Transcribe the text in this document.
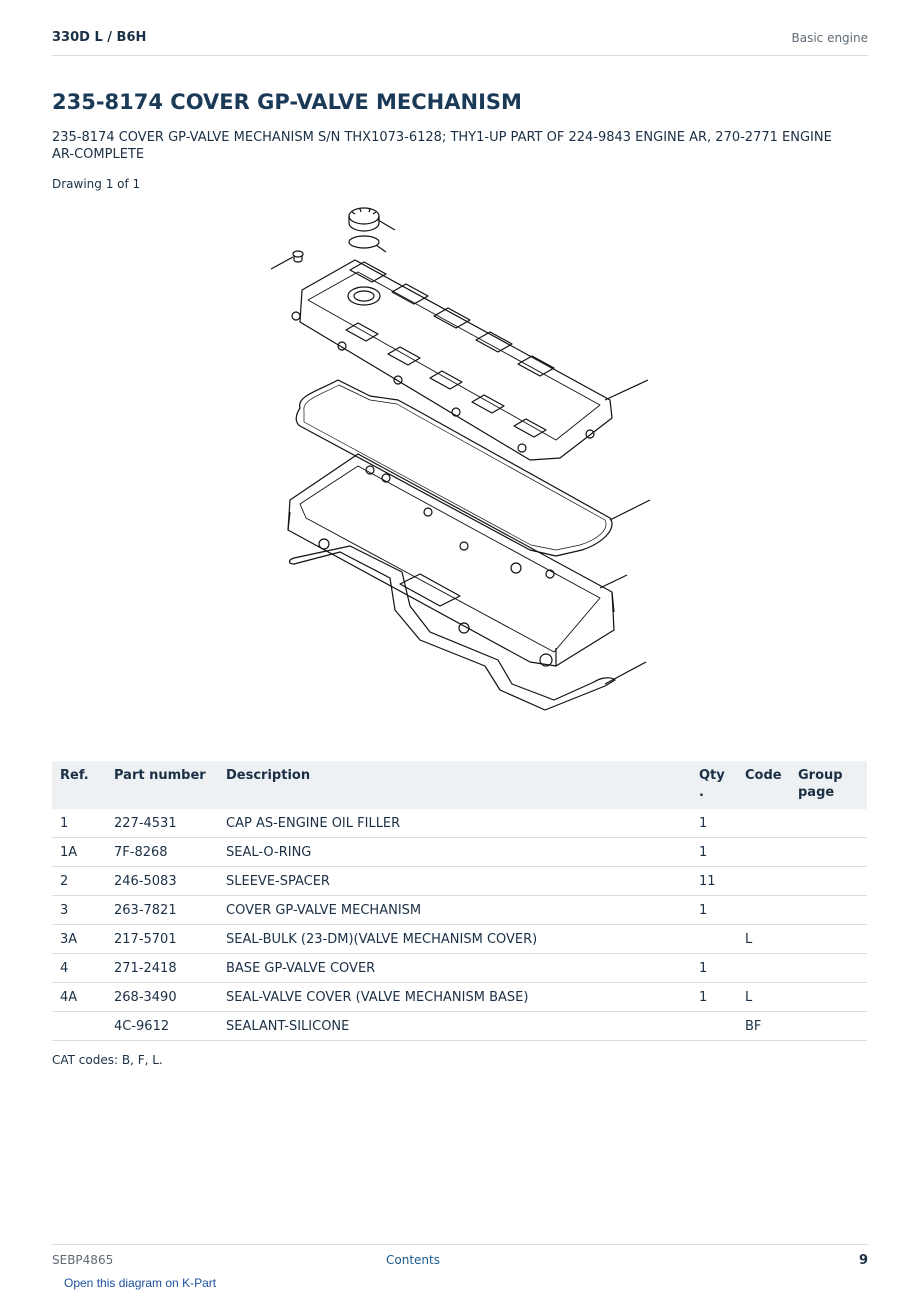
330D L / B6H	Basic engine
235-8174 COVER GP-VALVE MECHANISM
235-8174 COVER GP-VALVE MECHANISM S/N THX1073-6128; THY1-UP PART OF 224-9843 ENGINE AR, 270-2771 ENGINE AR-COMPLETE
Drawing 1 of 1
Ref.	Part number	Description	Qty .	Code	Group page
1	227-4531	CAP AS-ENGINE OIL FILLER	1		
1A	7F-8268	SEAL-O-RING	1		
2	246-5083	SLEEVE-SPACER	11		
3	263-7821	COVER GP-VALVE MECHANISM	1		
3A	217-5701	SEAL-BULK (23-DM)(VALVE MECHANISM COVER)		L	
4	271-2418	BASE GP-VALVE COVER	1		
4A	268-3490	SEAL-VALVE COVER (VALVE MECHANISM BASE)	1	L	
	4C-9612	SEALANT-SILICONE		BF	
CAT codes: B, F, L.
SEBP4865	Contents	9
Open this diagram on K-Part
